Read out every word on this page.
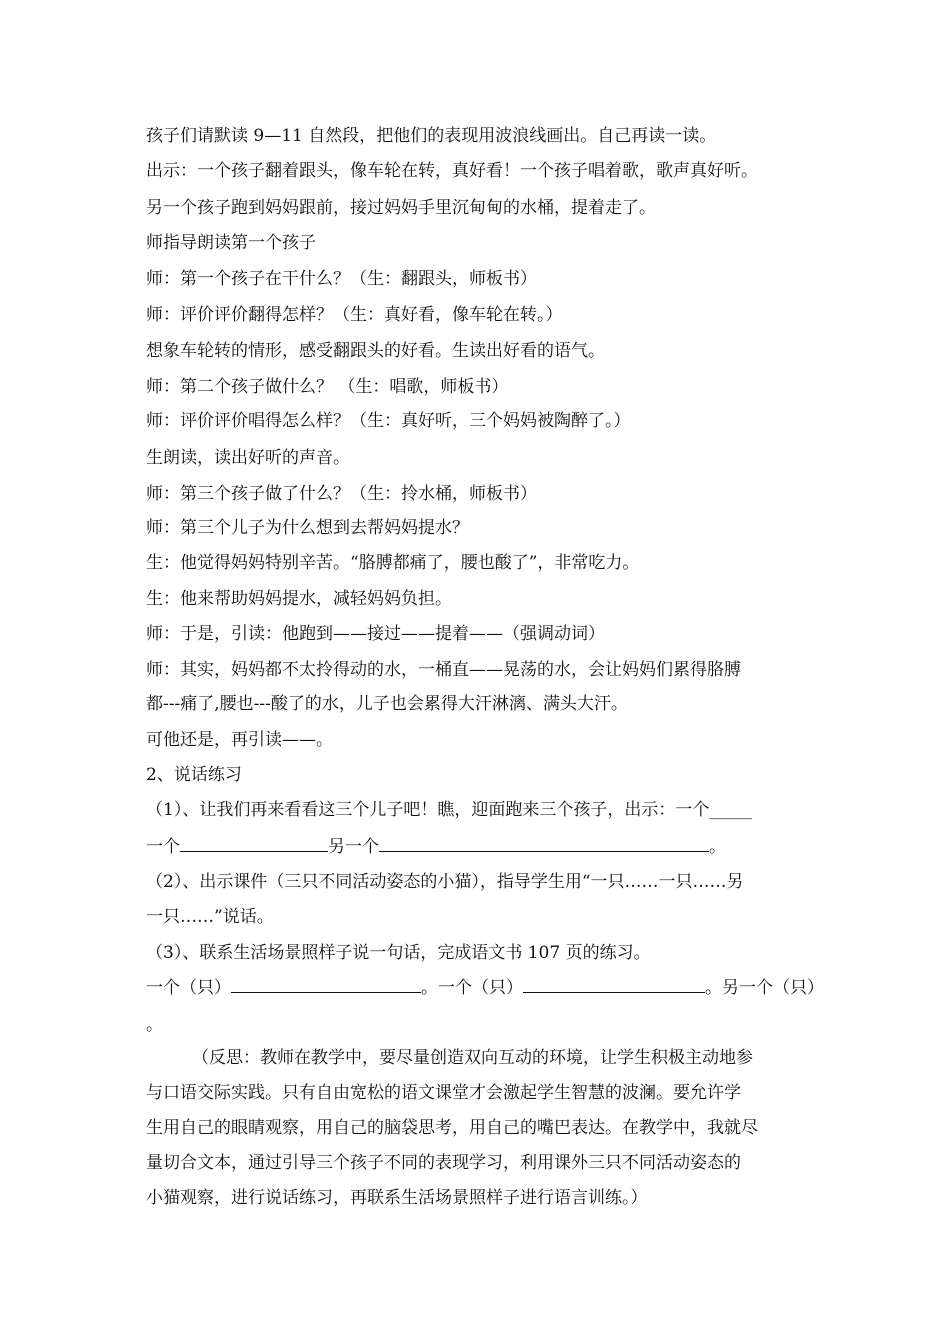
孩子们请默读 9—11 自然段，把他们的表现用波浪线画出。自己再读一读。
出示：一个孩子翻着跟头，像车轮在转，真好看！一个孩子唱着歌，歌声真好听。
另一个孩子跑到妈妈跟前，接过妈妈手里沉甸甸的水桶，提着走了。
师指导朗读第一个孩子
师：第一个孩子在干什么？（生：翻跟头，师板书）
师：评价评价翻得怎样？（生：真好看，像车轮在转。）
想象车轮转的情形，感受翻跟头的好看。生读出好看的语气。
师：第二个孩子做什么？ （生：唱歌，师板书）
师：评价评价唱得怎么样？（生：真好听，三个妈妈被陶醉了。）
生朗读，读出好听的声音。
师：第三个孩子做了什么？（生：拎水桶，师板书）
师：第三个儿子为什么想到去帮妈妈提水？
生：他觉得妈妈特别辛苦。“胳膊都痛了，腰也酸了”，非常吃力。
生：他来帮助妈妈提水，减轻妈妈负担。
师：于是，引读：他跑到——接过——提着——（强调动词）
师：其实，妈妈都不太拎得动的水，一桶直——晃荡的水，会让妈妈们累得胳膊
都---痛了,腰也---酸了的水，儿子也会累得大汗淋漓、满头大汗。
可他还是，再引读——。
2、说话练习
（1）、让我们再来看看这三个儿子吧！瞧，迎面跑来三个孩子，出示：一个_____
一个	另一个	。
（2）、出示课件（三只不同活动姿态的小猫），指导学生用“一只……一只……另
一只……”说话。
（3）、联系生活场景照样子说一句话，完成语文书 107 页的练习。
一个（只）	。一个（只）	。另一个（只）
。
（反思：教师在教学中，要尽量创造双向互动的环境，让学生积极主动地参
与口语交际实践。只有自由宽松的语文课堂才会激起学生智慧的波澜。要允许学
生用自己的眼睛观察，用自己的脑袋思考，用自己的嘴巴表达。在教学中，我就尽
量切合文本，通过引导三个孩子不同的表现学习，利用课外三只不同活动姿态的
小猫观察，进行说话练习，再联系生活场景照样子进行语言训练。）
